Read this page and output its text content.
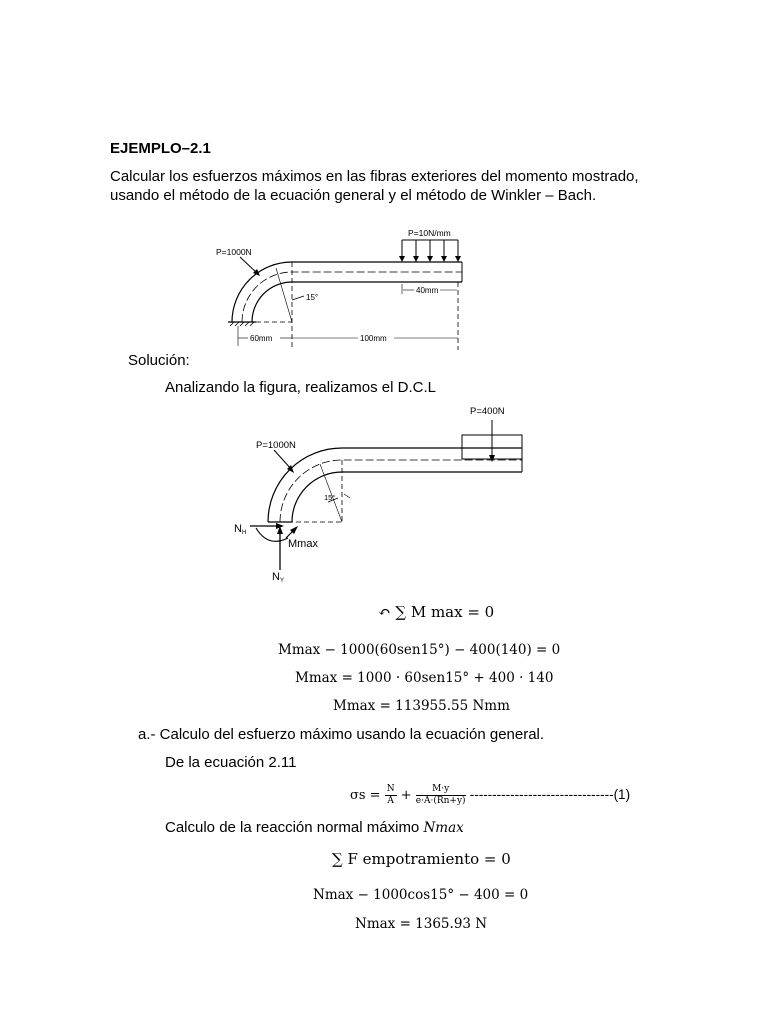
EJEMPLO–2.1
Calcular los esfuerzos máximos en las fibras exteriores del momento mostrado,
usando el método de la ecuación general y el método de Winkler – Bach.
P=1000N
P=10N/mm
15°
40mm
60mm	100mm
Solución:
Analizando la figura, realizamos el D.C.L
P=400N
P=1000N
15°
NH
Mmax
NY
↶ ∑ M max = 0
Mmax − 1000(60sen15°) − 400(140) = 0
Mmax = 1000 · 60sen15° + 400 · 140
Mmax = 113955.55 Nmm
a.- Calculo del esfuerzo máximo usando la ecuación general.
De la ecuación 2.11
$\sigma s = \frac{N}{A} + \frac{M\cdot y}{e\cdot A\cdot(Rn+y)} --------------------------------(1)$
Calculo de la reacción normal máximo Nmax
∑ F empotramiento = 0
Nmax − 1000cos15° − 400 = 0
Nmax = 1365.93 N
